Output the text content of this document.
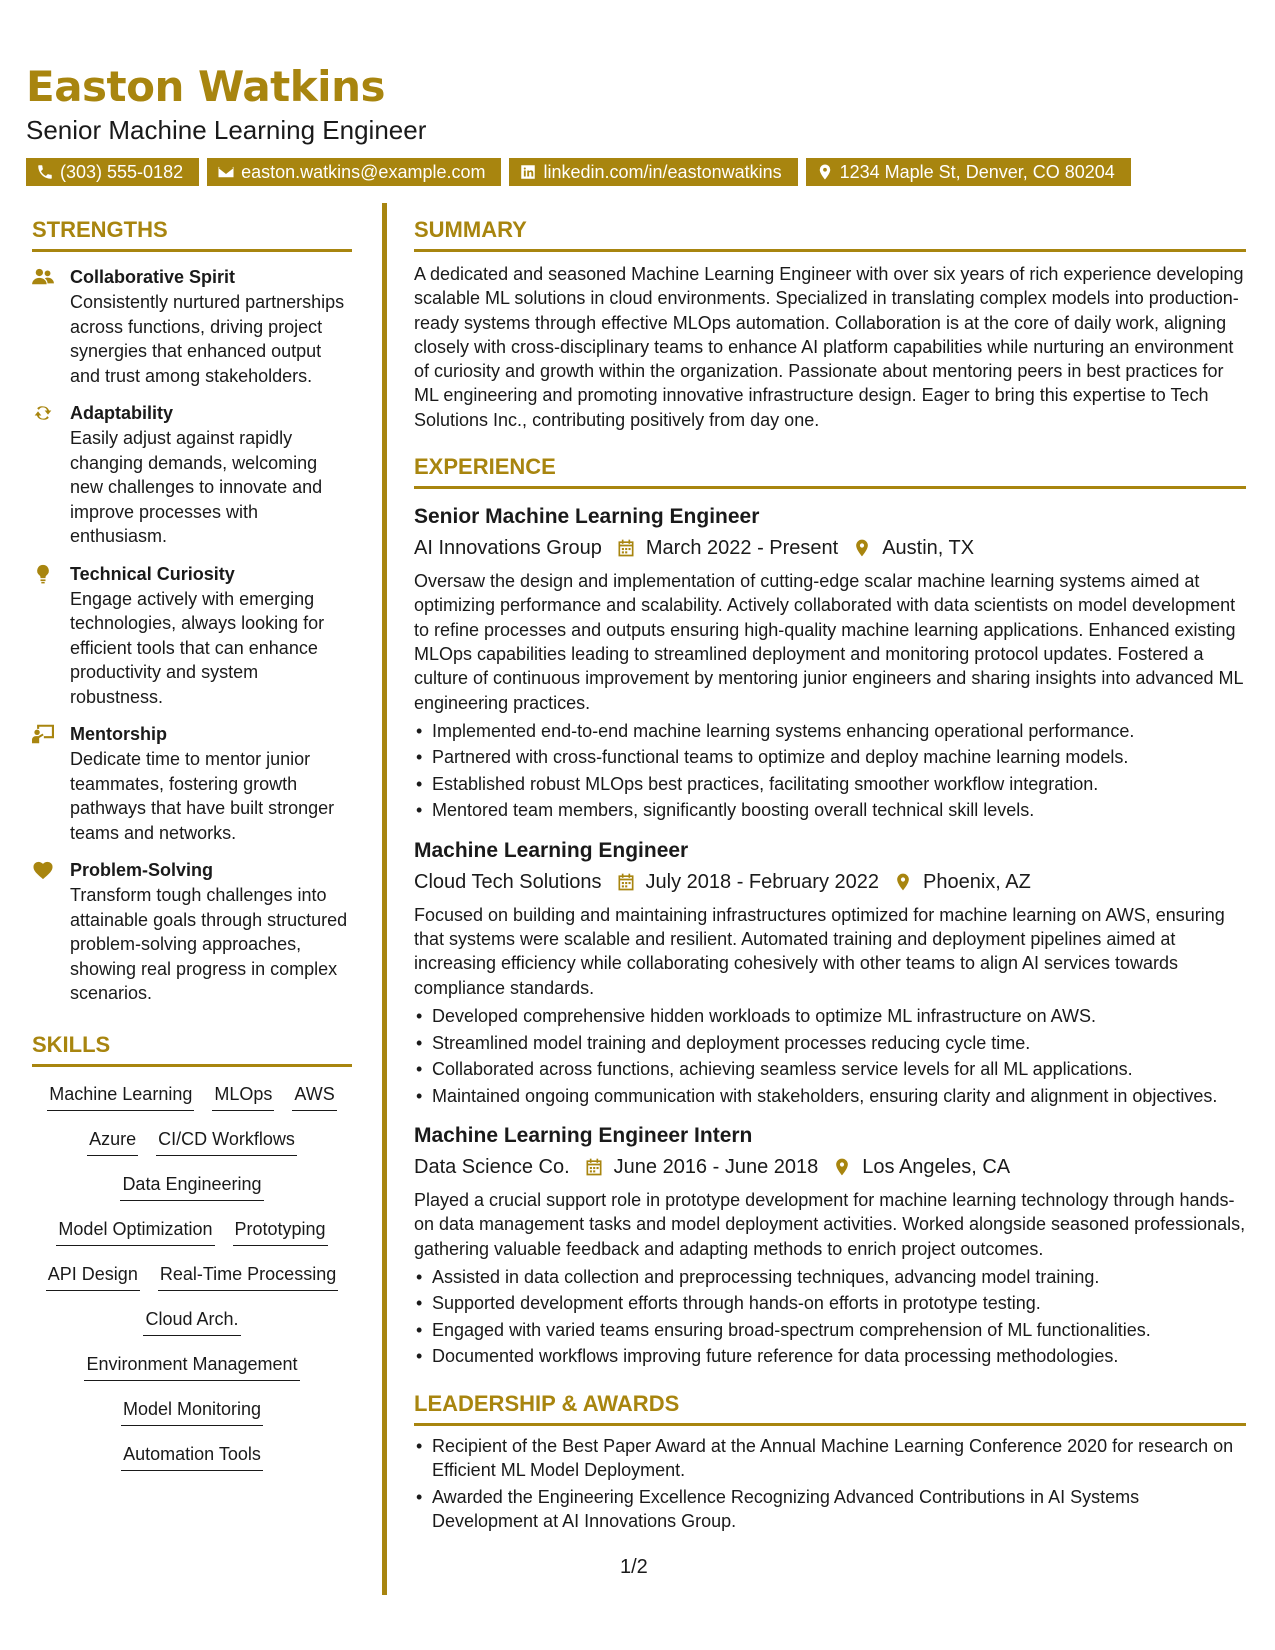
Easton Watkins
Senior Machine Learning Engineer
(303) 555-0182	easton.watkins@example.com	linkedin.com/in/eastonwatkins	1234 Maple St, Denver, CO 80204
STRENGTHS
Collaborative Spirit
Consistently nurtured partnerships across functions, driving project synergies that enhanced output and trust among stakeholders.
Adaptability
Easily adjust against rapidly changing demands, welcoming new challenges to innovate and improve processes with enthusiasm.
Technical Curiosity
Engage actively with emerging technologies, always looking for efficient tools that can enhance productivity and system robustness.
Mentorship
Dedicate time to mentor junior teammates, fostering growth pathways that have built stronger teams and networks.
Problem-Solving
Transform tough challenges into attainable goals through structured problem-solving approaches, showing real progress in complex scenarios.
SKILLS
Machine Learning MLOps AWS
Azure CI/CD Workflows
Data Engineering
Model Optimization Prototyping
API Design Real-Time Processing
Cloud Arch.
Environment Management
Model Monitoring
Automation Tools
SUMMARY
A dedicated and seasoned Machine Learning Engineer with over six years of rich experience developing scalable ML solutions in cloud environments. Specialized in translating complex models into production-ready systems through effective MLOps automation. Collaboration is at the core of daily work, aligning closely with cross-disciplinary teams to enhance AI platform capabilities while nurturing an environment of curiosity and growth within the organization. Passionate about mentoring peers in best practices for ML engineering and promoting innovative infrastructure design. Eager to bring this expertise to Tech Solutions Inc., contributing positively from day one.
EXPERIENCE
Senior Machine Learning Engineer
AI Innovations Group March 2022 - Present Austin, TX
Oversaw the design and implementation of cutting-edge scalar machine learning systems aimed at optimizing performance and scalability. Actively collaborated with data scientists on model development to refine processes and outputs ensuring high-quality machine learning applications. Enhanced existing MLOps capabilities leading to streamlined deployment and monitoring protocol updates. Fostered a culture of continuous improvement by mentoring junior engineers and sharing insights into advanced ML engineering practices.
• Implemented end-to-end machine learning systems enhancing operational performance.
• Partnered with cross-functional teams to optimize and deploy machine learning models.
• Established robust MLOps best practices, facilitating smoother workflow integration.
• Mentored team members, significantly boosting overall technical skill levels.
Machine Learning Engineer
Cloud Tech Solutions July 2018 - February 2022 Phoenix, AZ
Focused on building and maintaining infrastructures optimized for machine learning on AWS, ensuring that systems were scalable and resilient. Automated training and deployment pipelines aimed at increasing efficiency while collaborating cohesively with other teams to align AI services towards compliance standards.
• Developed comprehensive hidden workloads to optimize ML infrastructure on AWS.
• Streamlined model training and deployment processes reducing cycle time.
• Collaborated across functions, achieving seamless service levels for all ML applications.
• Maintained ongoing communication with stakeholders, ensuring clarity and alignment in objectives.
Machine Learning Engineer Intern
Data Science Co. June 2016 - June 2018 Los Angeles, CA
Played a crucial support role in prototype development for machine learning technology through hands-on data management tasks and model deployment activities. Worked alongside seasoned professionals, gathering valuable feedback and adapting methods to enrich project outcomes.
• Assisted in data collection and preprocessing techniques, advancing model training.
• Supported development efforts through hands-on efforts in prototype testing.
• Engaged with varied teams ensuring broad-spectrum comprehension of ML functionalities.
• Documented workflows improving future reference for data processing methodologies.
LEADERSHIP & AWARDS
• Recipient of the Best Paper Award at the Annual Machine Learning Conference 2020 for research on Efficient ML Model Deployment.
• Awarded the Engineering Excellence Recognizing Advanced Contributions in AI Systems Development at AI Innovations Group.
1/2
